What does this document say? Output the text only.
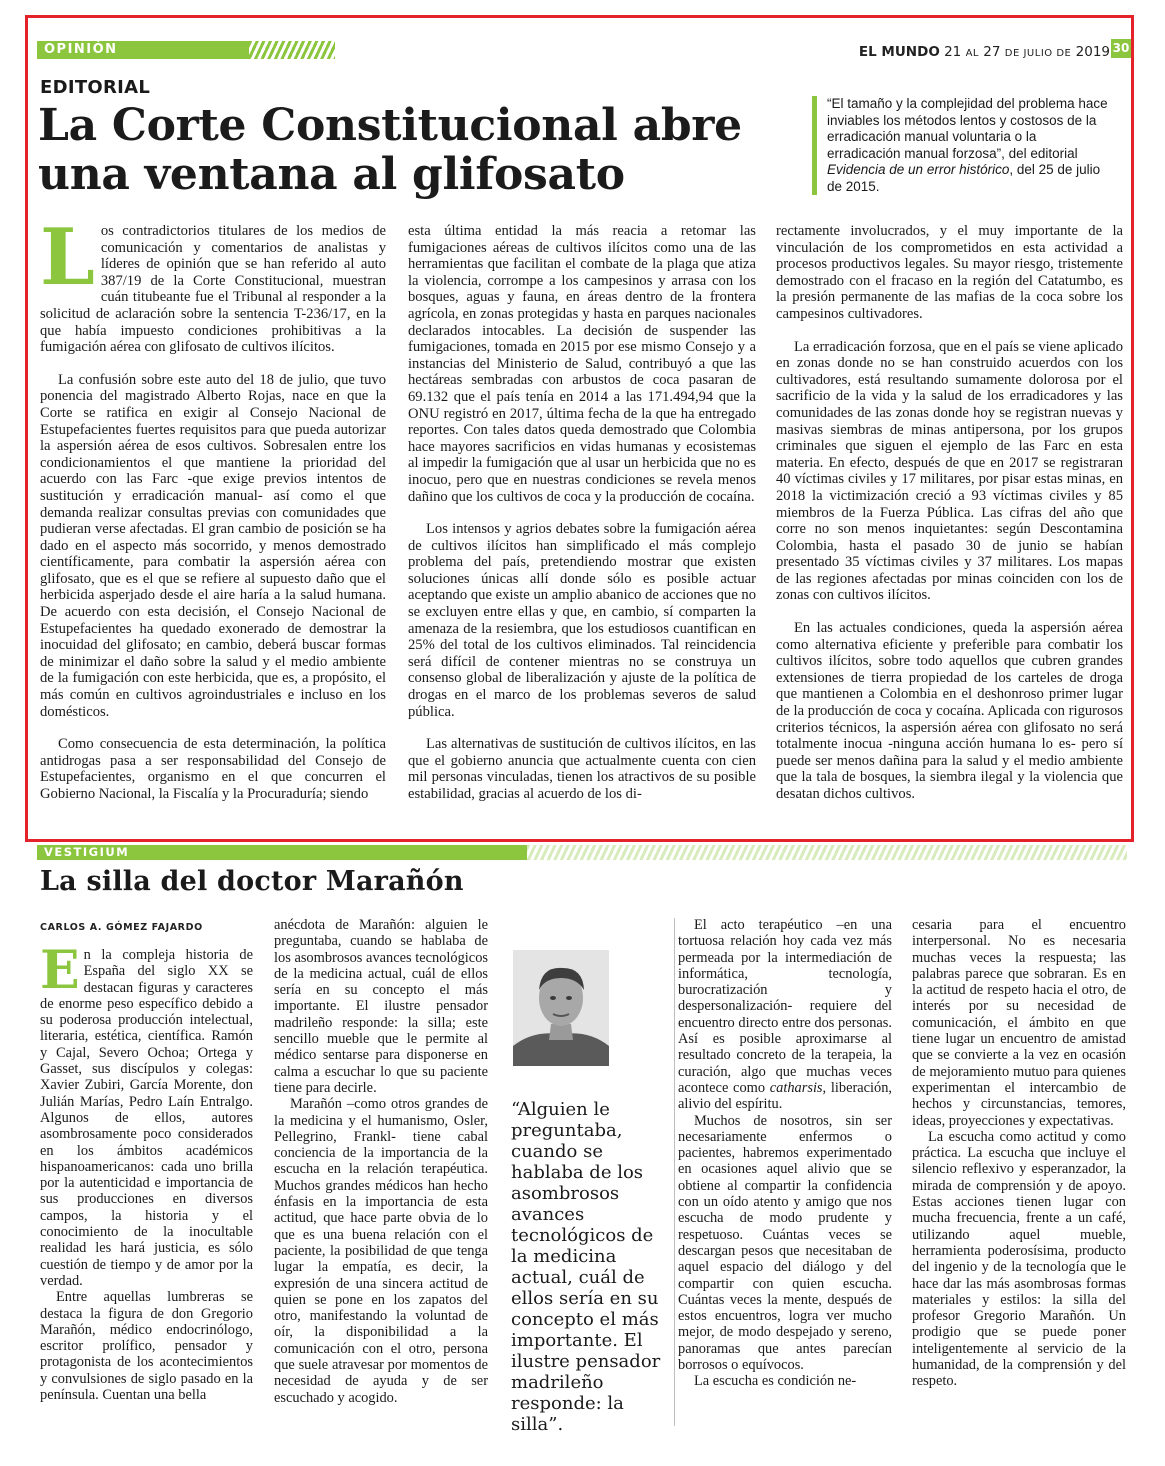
OPINIÓN	EL MUNDO 21 AL 27 DE JULIO DE 2019 30
EDITORIAL
La Corte Constitucional abre una ventana al glifosato
“El tamaño y la complejidad del problema hace inviables los métodos lentos y costosos de la erradicación manual voluntaria o la erradicación manual forzosa”, del editorial Evidencia de un error histórico, del 25 de julio de 2015.
L os contradictorios titulares de los medios de comunicación y comentarios de analistas y líderes de opinión que se han referido al auto 387/19 de la Corte Constitucional, muestran cuán titubeante fue el Tribunal al responder a la solicitud de aclaración sobre la sentencia T-236/17, en la que había impuesto condiciones prohibitivas a la fumigación aérea con glifosato de cultivos ilícitos.

La confusión sobre este auto del 18 de julio, que tuvo ponencia del magistrado Alberto Rojas, nace en que la Corte se ratifica en exigir al Consejo Nacional de Estupefacientes fuertes requisitos para que pueda autorizar la aspersión aérea de esos cultivos. Sobresalen entre los condicionamientos el que mantiene la prioridad del acuerdo con las Farc -que exige previos intentos de sustitución y erradicación manual- así como el que demanda realizar consultas previas con comunidades que pudieran verse afectadas. El gran cambio de posición se ha dado en el aspecto más socorrido, y menos demostrado científicamente, para combatir la aspersión aérea con glifosato, que es el que se refiere al supuesto daño que el herbicida asperjado desde el aire haría a la salud humana. De acuerdo con esta decisión, el Consejo Nacional de Estupefacientes ha quedado exonerado de demostrar la inocuidad del glifosato; en cambio, deberá buscar formas de minimizar el daño sobre la salud y el medio ambiente de la fumigación con este herbicida, que es, a propósito, el más común en cultivos agroindustriales e incluso en los domésticos.

Como consecuencia de esta determinación, la política antidrogas pasa a ser responsabilidad del Consejo de Estupefacientes, organismo en el que concurren el Gobierno Nacional, la Fiscalía y la Procuraduría; siendo

esta última entidad la más reacia a retomar las fumigaciones aéreas de cultivos ilícitos como una de las herramientas que facilitan el combate de la plaga que atiza la violencia, corrompe a los campesinos y arrasa con los bosques, aguas y fauna, en áreas dentro de la frontera agrícola, en zonas protegidas y hasta en parques nacionales declarados intocables. La decisión de suspender las fumigaciones, tomada en 2015 por ese mismo Consejo y a instancias del Ministerio de Salud, contribuyó a que las hectáreas sembradas con arbustos de coca pasaran de 69.132 que el país tenía en 2014 a las 171.494,94 que la ONU registró en 2017, última fecha de la que ha entregado reportes. Con tales datos queda demostrado que Colombia hace mayores sacrificios en vidas humanas y ecosistemas al impedir la fumigación que al usar un herbicida que no es inocuo, pero que en nuestras condiciones se revela menos dañino que los cultivos de coca y la producción de cocaína.

Los intensos y agrios debates sobre la fumigación aérea de cultivos ilícitos han simplificado el más complejo problema del país, pretendiendo mostrar que existen soluciones únicas allí donde sólo es posible actuar aceptando que existe un amplio abanico de acciones que no se excluyen entre ellas y que, en cambio, sí comparten la amenaza de la resiembra, que los estudiosos cuantifican en 25% del total de los cultivos eliminados. Tal reincidencia será difícil de contener mientras no se construya un consenso global de liberalización y ajuste de la política de drogas en el marco de los problemas severos de salud pública.

Las alternativas de sustitución de cultivos ilícitos, en las que el gobierno anuncia que actualmente cuenta con cien mil personas vinculadas, tienen los atractivos de su posible estabilidad, gracias al acuerdo de los di-

rectamente involucrados, y el muy importante de la vinculación de los comprometidos en esta actividad a procesos productivos legales. Su mayor riesgo, tristemente demostrado con el fracaso en la región del Catatumbo, es la presión permanente de las mafias de la coca sobre los campesinos cultivadores.

La erradicación forzosa, que en el país se viene aplicado en zonas donde no se han construido acuerdos con los cultivadores, está resultando sumamente dolorosa por el sacrificio de la vida y la salud de los erradicadores y las comunidades de las zonas donde hoy se registran nuevas y masivas siembras de minas antipersona, por los grupos criminales que siguen el ejemplo de las Farc en esta materia. En efecto, después de que en 2017 se registraran 40 víctimas civiles y 17 militares, por pisar estas minas, en 2018 la victimización creció a 93 víctimas civiles y 85 miembros de la Fuerza Pública. Las cifras del año que corre no son menos inquietantes: según Descontamina Colombia, hasta el pasado 30 de junio se habían presentado 35 víctimas civiles y 37 militares. Los mapas de las regiones afectadas por minas coinciden con los de zonas con cultivos ilícitos.

En las actuales condiciones, queda la aspersión aérea como alternativa eficiente y preferible para combatir los cultivos ilícitos, sobre todo aquellos que cubren grandes extensiones de tierra propiedad de los carteles de droga que mantienen a Colombia en el deshonroso primer lugar de la producción de coca y cocaína. Aplicada con rigurosos criterios técnicos, la aspersión aérea con glifosato no será totalmente inocua -ninguna acción humana lo es- pero sí puede ser menos dañina para la salud y el medio ambiente que la tala de bosques, la siembra ilegal y la violencia que desatan dichos cultivos.

VESTIGIUM
La silla del doctor Marañón
CARLOS A. GÓMEZ FAJARDO
E n la compleja historia de España del siglo XX se destacan figuras y caracteres de enorme peso específico debido a su poderosa producción intelectual, literaria, estética, científica. Ramón y Cajal, Severo Ochoa; Ortega y Gasset, sus discípulos y colegas: Xavier Zubiri, García Morente, don Julián Marías, Pedro Laín Entralgo. Algunos de ellos, autores asombrosamente poco considerados en los ámbitos académicos hispanoamericanos: cada uno brilla por la autenticidad e importancia de sus producciones en diversos campos, la historia y el conocimiento de la inocultable realidad les hará justicia, es sólo cuestión de tiempo y de amor por la verdad.

Entre aquellas lumbreras se destaca la figura de don Gregorio Marañón, médico endocrinólogo, escritor prolífico, pensador y protagonista de los acontecimientos y convulsiones de siglo pasado en la península. Cuentan una bella

anécdota de Marañón: alguien le preguntaba, cuando se hablaba de los asombrosos avances tecnológicos de la medicina actual, cuál de ellos sería en su concepto el más importante. El ilustre pensador madrileño responde: la silla; este sencillo mueble que le permite al médico sentarse para disponerse en calma a escuchar lo que su paciente tiene para decirle.

Marañón –como otros grandes de la medicina y el humanismo, Osler, Pellegrino, Frankl- tiene cabal conciencia de la importancia de la escucha en la relación terapéutica. Muchos grandes médicos han hecho énfasis en la importancia de esta actitud, que hace parte obvia de lo que es una buena relación con el paciente, la posibilidad de que tenga lugar la empatía, es decir, la expresión de una sincera actitud de quien se pone en los zapatos del otro, manifestando la voluntad de oír, la disponibilidad a la comunicación con el otro, persona que suele atravesar por momentos de necesidad de ayuda y de ser escuchado y acogido.

“Alguien le preguntaba, cuando se hablaba de los asombrosos avances tecnológicos de la medicina actual, cuál de ellos sería en su concepto el más importante. El ilustre pensador madrileño responde: la silla”.

El acto terapéutico –en una tortuosa relación hoy cada vez más permeada por la intermediación de informática, tecnología, burocratización y despersonalización- requiere del encuentro directo entre dos personas. Así es posible aproximarse al resultado concreto de la terapeia, la curación, algo que muchas veces acontece como catharsis, liberación, alivio del espíritu.

Muchos de nosotros, sin ser necesariamente enfermos o pacientes, habremos experimentado en ocasiones aquel alivio que se obtiene al compartir la confidencia con un oído atento y amigo que nos escucha de modo prudente y respetuoso. Cuántas veces se descargan pesos que necesitaban de aquel espacio del diálogo y del compartir con quien escucha. Cuántas veces la mente, después de estos encuentros, logra ver mucho mejor, de modo despejado y sereno, panoramas que antes parecían borrosos o equívocos.

La escucha es condición ne-

cesaria para el encuentro interpersonal. No es necesaria muchas veces la respuesta; las palabras parece que sobraran. Es en la actitud de respeto hacia el otro, de interés por su necesidad de comunicación, el ámbito en que tiene lugar un encuentro de amistad que se convierte a la vez en ocasión de mejoramiento mutuo para quienes experimentan el intercambio de hechos y circunstancias, temores, ideas, proyecciones y expectativas.

La escucha como actitud y como práctica. La escucha que incluye el silencio reflexivo y esperanzador, la mirada de comprensión y de apoyo. Estas acciones tienen lugar con mucha frecuencia, frente a un café, utilizando aquel mueble, herramienta poderosísima, producto del ingenio y de la tecnología que le hace dar las más asombrosas formas materiales y estilos: la silla del profesor Gregorio Marañón. Un prodigio que se puede poner inteligentemente al servicio de la humanidad, de la comprensión y del respeto.
